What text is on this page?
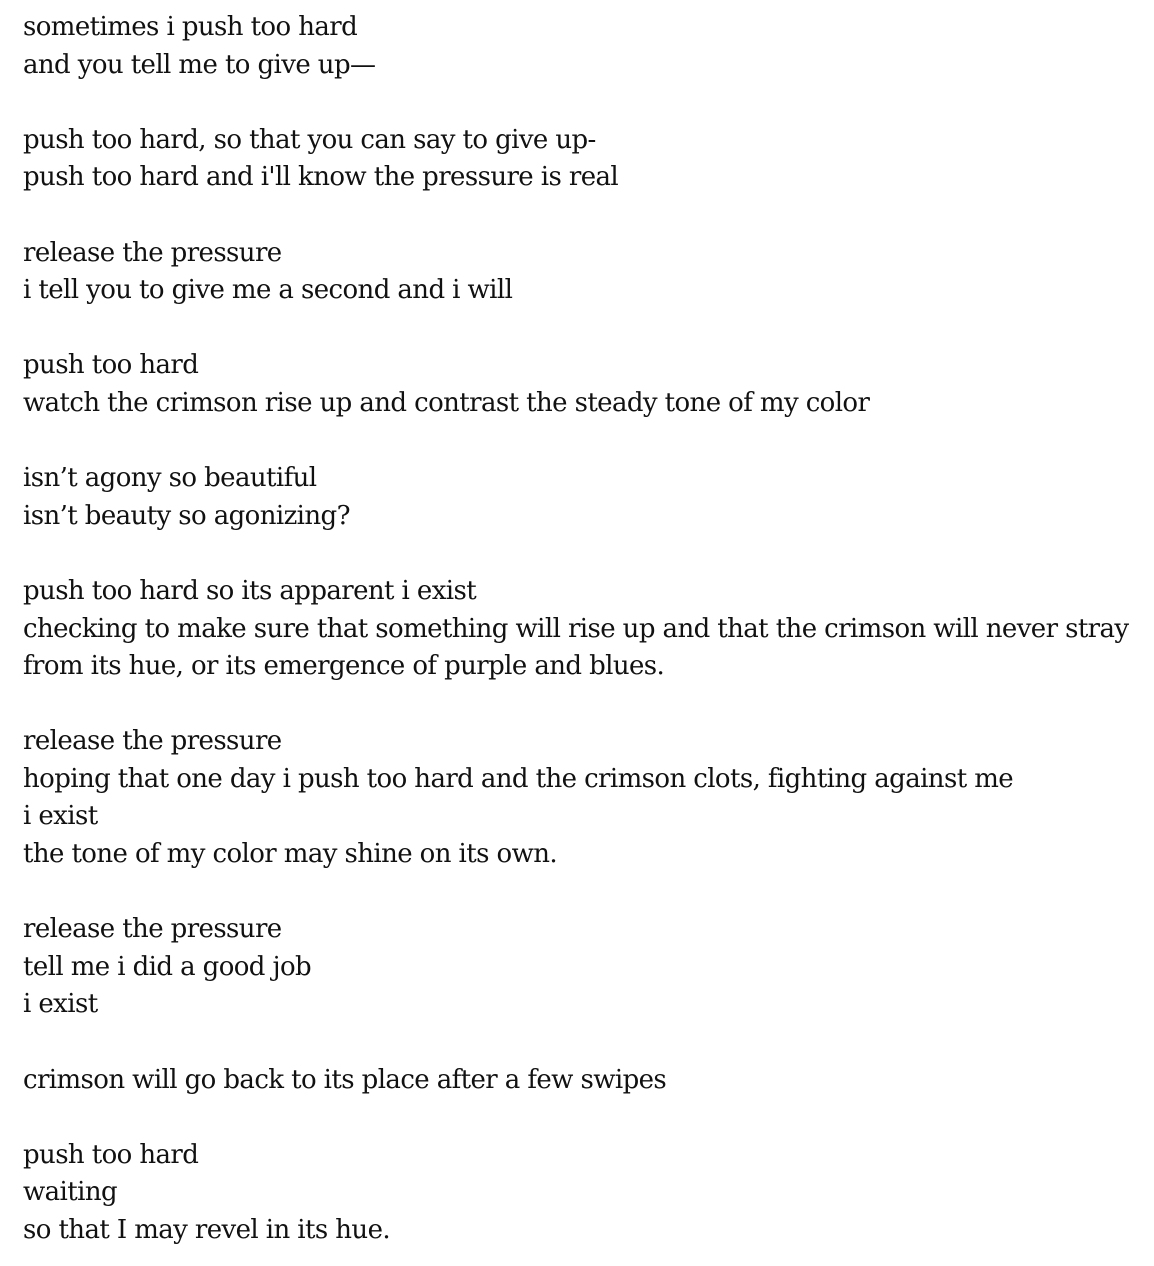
sometimes i push too hard
and you tell me to give up—
push too hard, so that you can say to give up-
push too hard and i'll know the pressure is real
release the pressure
i tell you to give me a second and i will
push too hard
watch the crimson rise up and contrast the steady tone of my color
isn’t agony so beautiful
isn’t beauty so agonizing?
push too hard so its apparent i exist
checking to make sure that something will rise up and that the crimson will never stray
from its hue, or its emergence of purple and blues.
release the pressure
hoping that one day i push too hard and the crimson clots, fighting against me
i exist
the tone of my color may shine on its own.
release the pressure
tell me i did a good job
i exist
crimson will go back to its place after a few swipes
push too hard
waiting
so that I may revel in its hue.
